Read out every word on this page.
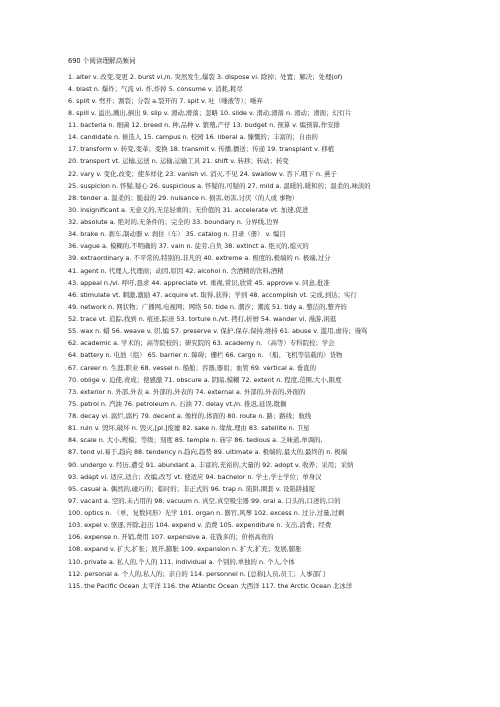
690 个阅读理解高频词
1. alter v. 改变,变更 2. burst vi./n. 突然发生,爆裂 3. dispose vi. 除掉；处置；解决；处理(of)
4. blast n. 爆炸；气流 vi. 炸,炸掉 5. consume v. 消耗,耗尽
6. split v. 劈开；割裂；分裂 a.裂开的 7. spit v. 吐（唾液等）；唾弃
8. spill v. 溢出,溅出,倒出 9. slip v. 滑动,滑落；忽略 10. slide v. 滑动,滑落 n. 滑动；滑面；幻灯片
11. bacteria n. 细菌 12. breed n. 种,品种 v. 繁殖,产仔 13. budget n. 预算 v. 编预算,作安排
14. candidate n. 候选人 15. campus n. 校园 16. liberal a. 慷慨的；丰富的；自由的
17. transform v. 转变,变革；变换 18. transmit v. 传播,播送；传递 19. transplant v. 移植
20. transport vt. 运输,运送 n. 运输,运输工具 21. shift v. 转移；转动；转变
22. vary v. 变化,改变；使多样化 23. vanish vi. 消灭,不见 24. swallow v. 吞下,咽下 n. 燕子
25. suspicion n. 怀疑,疑心 26. suspicious a. 怀疑的,可疑的 27. mild a. 温暖的,暖和的；温柔的,味淡的
28. tender a. 温柔的；脆弱的 29. nuisance n. 损害,妨害,讨厌（的人或 事物）
30. insignificant a. 无意义的,无足轻重的；无价值的 31. accelerate vt. 加速,促进
32. absolute a. 绝对的,无条件的；完全的 33. boundary n. 分界线,边界
34. brake n. 刹车,制动器 v. 刹住（车） 35. catalog n. 目录（册） v. 编目
36. vague a. 模糊的,不明确的 37. vain n. 徒劳,自负 38. extinct a. 绝灭的,熄灭的
39. extraordinary a. 不平常的,特别的,非凡的 40. extreme a. 极度的,极端的 n. 极端,过分
41. agent n. 代理人,代理商；动因,原因 42. alcohol n. 含酒精的饮料,酒精
43. appeal n./vi. 呼吁,恳求 44. appreciate vt. 重视,赏识,欣赏 45. approve v. 同意,批准
46. stimulate vt. 刺激,激励 47. acquire vt. 取得,获得；学到 48. accomplish vt. 完成,到达；实行
49. network n. 网状物；广播网,电视网；网络 50. tide n. 潮汐；潮流 51. tidy a. 整洁的,整齐的
52. trace vt. 追踪,找到 n. 痕迹,踪迹 53. torture n./vt. 拷打,折磨 54. wander vi. 漫游,闲逛
55. wax n. 蜡 56. weave v. 织,编 57. preserve v. 保护,保存,保持,维持 61. abuse v. 滥用,虐待；谩骂
62. academic a. 学术的；高等院校的；研究院的 63. academy n. （高等）专科院校；学会
64. battery n. 电池（组） 65. barrier n. 障碍；栅栏 66. cargo n. （船、飞机等装载的）货物
67. career n. 生涯,职业 68. vessel n. 船舶；容器,器皿；血管 69. vertical a. 垂直的
70. oblige v. 迫使,责成；使感激 71. obscure a. 阴暗,模糊 72. extent n. 程度,范围,大小,限度
73. exterior n. 外部,外表 a. 外部的,外表的 74. external a. 外部的,外表的,外面的
75. petrol n. 汽油 76. petroleum n. 石油 77. delay vt./n. 推迟,延误,耽搁
78. decay vi. 腐烂,腐朽 79. decent a. 像样的,体面的 80. route n. 路；路线；航线
81. ruin v. 毁坏,破坏 n. 毁灭,[pl.]废墟 82. sake n. 缘故,理由 83. satellite n. 卫星
84. scale n. 大小,规模；等级；刻度 85. temple n. 庙宇 86. tedious a. 乏味道,单调的,
87. tend vi.易于,趋向 88. tendency n.趋向,趋势 89. ultimate a. 极端的,最大的,最终的 n. 极端
90. undergo v. 经历,遭受 91. abundant a. 丰富的,充裕的,大量的 92. adopt v. 收养；采用；采纳
93. adapt vi. 适应,适合；改编,改写 vt. 使适应 94. bachelor n. 学士,学士学位；单身汉
95. casual a. 偶然的,碰巧的；临时的；非正式的 96. trap n. 陷阱,圈套 v. 设陷阱捕捉
97. vacant a. 空的,未占用的 98. vacuum n. 真空,真空吸尘器 99. oral a. 口头的,口述的,口的
100. optics n. （单、复数同形）光学 101. organ n. 器官,风琴 102. excess n. 过分,过量,过剩
103. expel v. 驱逐,开除,赶出 104. expend v. 消费 105. expenditure n. 支出,消费；经费
106. expense n. 开销,费用 107. expensive a. 花钱多的；价格高贵的
108. expand v. 扩大,扩张；展开,膨胀 109. expansion n. 扩大,扩充；发展,膨胀
110. private a. 私人的,个人的 111. individual a. 个别的,单独的 n. 个人,个体
112. personal a. 个人的,私人的；亲自的 114. personnel n. [总称]人员,员工；人事部门
115. the Pacific Ocean 太平洋 116. the Atlantic Ocean 大西洋 117. the Arctic Ocean 北冰洋
